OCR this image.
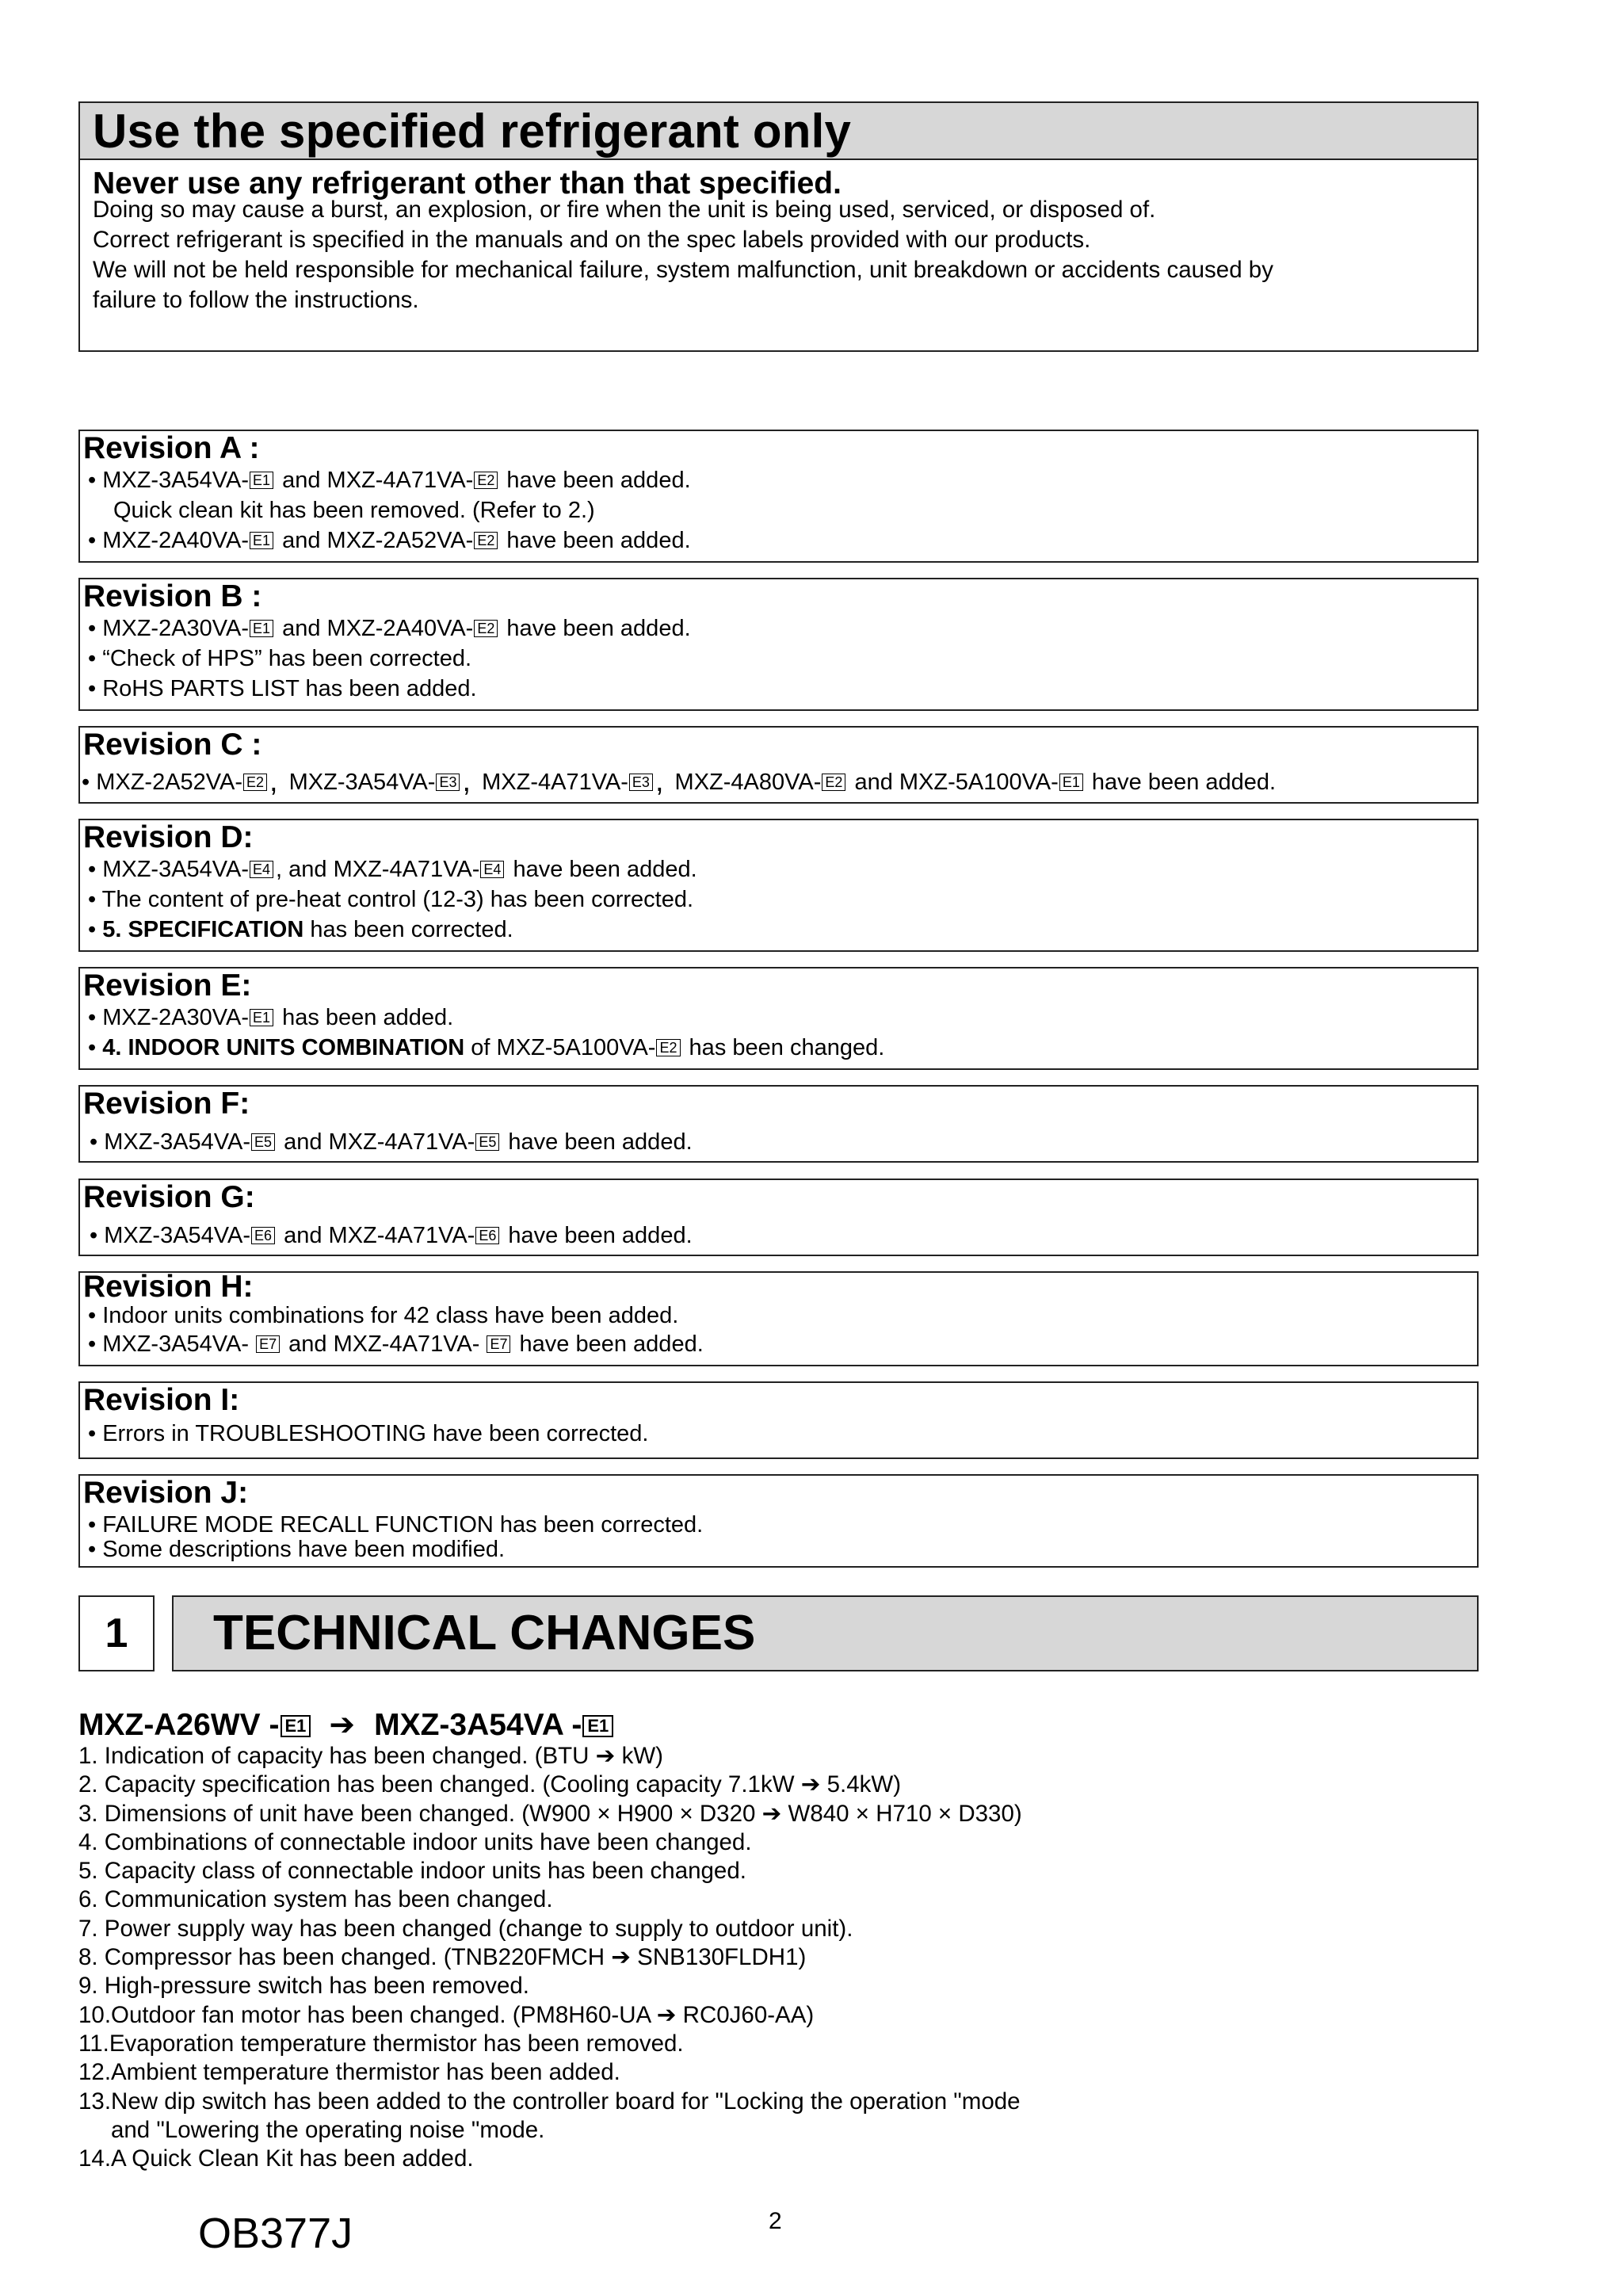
Use the specified refrigerant only
Never use any refrigerant other than that specified.
Doing so may cause a burst, an explosion, or fire when the unit is being used, serviced, or disposed of.
Correct refrigerant is specified in the manuals and on the spec labels provided with our products.
We will not be held responsible for mechanical failure, system malfunction, unit breakdown or accidents caused by
failure to follow the instructions.
Revision A :
• MXZ-3A54VA- E1 and MXZ-4A71VA- E2 have been added.
Quick clean kit has been removed. (Refer to 2.)
• MXZ-2A40VA- E1 and MXZ-2A52VA- E2 have been added.
Revision B :
• MXZ-2A30VA- E1 and MXZ-2A40VA- E2 have been added.
• “Check of HPS” has been corrected.
• RoHS PARTS LIST has been added.
Revision C :
• MXZ-2A52VA- E2 , MXZ-3A54VA- E3 , MXZ-4A71VA- E3 , MXZ-4A80VA- E2 and MXZ-5A100VA- E1 have been added.
Revision D:
• MXZ-3A54VA- E4 , and MXZ-4A71VA- E4 have been added.
• The content of pre-heat control (12-3) has been corrected.
• 5. SPECIFICATION has been corrected.
Revision E:
• MXZ-2A30VA- E1 has been added.
• 4. INDOOR UNITS COMBINATION of MXZ-5A100VA- E2 has been changed.
Revision F:
• MXZ-3A54VA- E5 and MXZ-4A71VA- E5 have been added.
Revision G:
• MXZ-3A54VA- E6 and MXZ-4A71VA- E6 have been added.
Revision H:
• Indoor units combinations for 42 class have been added.
• MXZ-3A54VA- E7 and MXZ-4A71VA- E7 have been added.
Revision I:
• Errors in TROUBLESHOOTING have been corrected.
Revision J:
• FAILURE MODE RECALL FUNCTION has been corrected.
• Some descriptions have been modified.
1	TECHNICAL CHANGES
MXZ-A26WV - E1 ➔ MXZ-3A54VA - E1
1. Indication of capacity has been changed. (BTU ➔ kW)
2. Capacity specification has been changed. (Cooling capacity 7.1kW ➔ 5.4kW)
3. Dimensions of unit have been changed. (W900 × H900 × D320 ➔ W840 × H710 × D330)
4. Combinations of connectable indoor units have been changed.
5. Capacity class of connectable indoor units has been changed.
6. Communication system has been changed.
7. Power supply way has been changed (change to supply to outdoor unit).
8. Compressor has been changed. (TNB220FMCH ➔ SNB130FLDH1)
9. High-pressure switch has been removed.
10.Outdoor fan motor has been changed. (PM8H60-UA ➔ RC0J60-AA)
11.Evaporation temperature thermistor has been removed.
12.Ambient temperature thermistor has been added.
13.New dip switch has been added to the controller board for "Locking the operation "mode
and "Lowering the operating noise "mode.
14.A Quick Clean Kit has been added.
OB377J	2
